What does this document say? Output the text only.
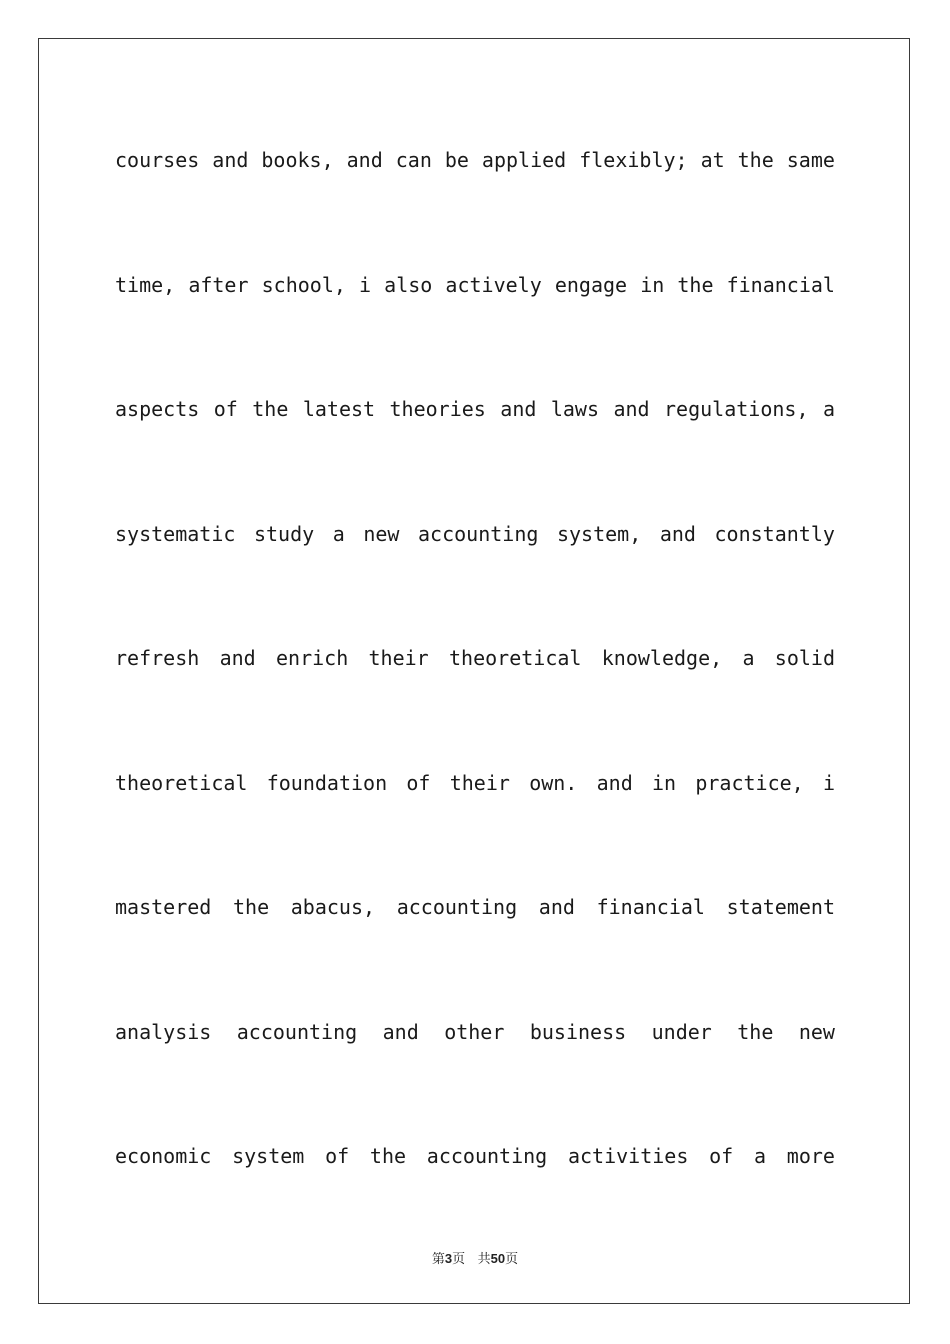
courses and books, and can be applied flexibly; at the same

time, after school, i also actively engage in the financial

aspects of the latest theories and laws and regulations, a

systematic study a new accounting system, and constantly

refresh and enrich their theoretical knowledge, a solid

theoretical foundation of their own. and in practice, i

mastered the abacus, accounting and financial statement

analysis accounting and other business under the new

economic system of the accounting activities of a more

第3页 共50页
